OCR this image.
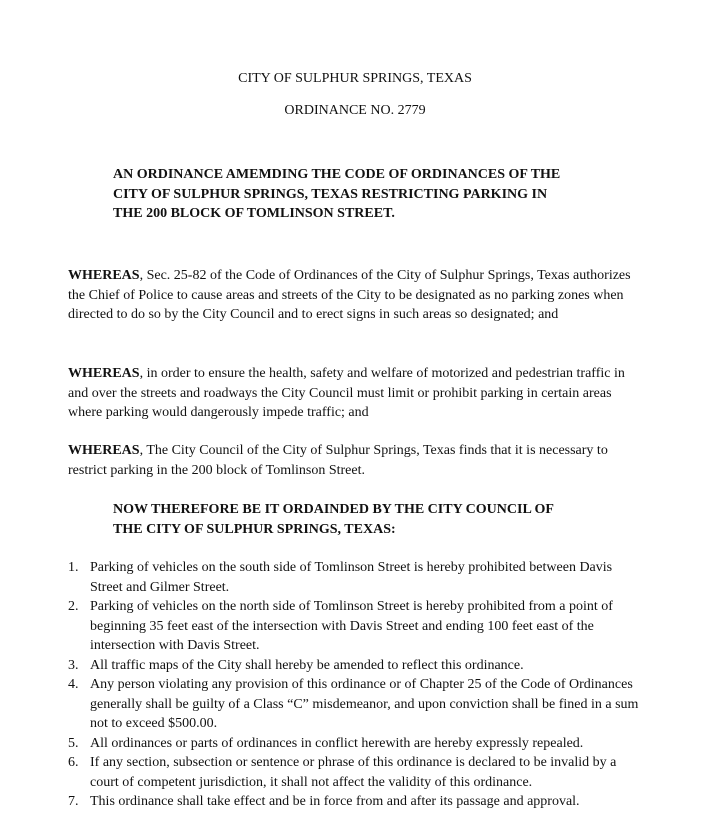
CITY OF SULPHUR SPRINGS, TEXAS
ORDINANCE NO. 2779
AN ORDINANCE AMEMDING THE CODE OF ORDINANCES OF THE
CITY OF SULPHUR SPRINGS, TEXAS RESTRICTING PARKING IN
THE 200 BLOCK OF TOMLINSON STREET.
WHEREAS, Sec. 25-82 of the Code of Ordinances of the City of Sulphur Springs, Texas authorizes the Chief of Police to cause areas and streets of the City to be designated as no parking zones when directed to do so by the City Council and to erect signs in such areas so designated; and
WHEREAS, in order to ensure the health, safety and welfare of motorized and pedestrian traffic in and over the streets and roadways the City Council must limit or prohibit parking in certain areas where parking would dangerously impede traffic; and
WHEREAS, The City Council of the City of Sulphur Springs, Texas finds that it is necessary to restrict parking in the 200 block of Tomlinson Street.
NOW THEREFORE BE IT ORDAINDED BY THE CITY COUNCIL OF
THE CITY OF SULPHUR SPRINGS, TEXAS:
1. Parking of vehicles on the south side of Tomlinson Street is hereby prohibited between Davis Street and Gilmer Street.
2. Parking of vehicles on the north side of Tomlinson Street is hereby prohibited from a point of beginning 35 feet east of the intersection with Davis Street and ending 100 feet east of the intersection with Davis Street.
3. All traffic maps of the City shall hereby be amended to reflect this ordinance.
4. Any person violating any provision of this ordinance or of Chapter 25 of the Code of Ordinances generally shall be guilty of a Class “C” misdemeanor, and upon conviction shall be fined in a sum not to exceed $500.00.
5. All ordinances or parts of ordinances in conflict herewith are hereby expressly repealed.
6. If any section, subsection or sentence or phrase of this ordinance is declared to be invalid by a court of competent jurisdiction, it shall not affect the validity of this ordinance.
7. This ordinance shall take effect and be in force from and after its passage and approval.
